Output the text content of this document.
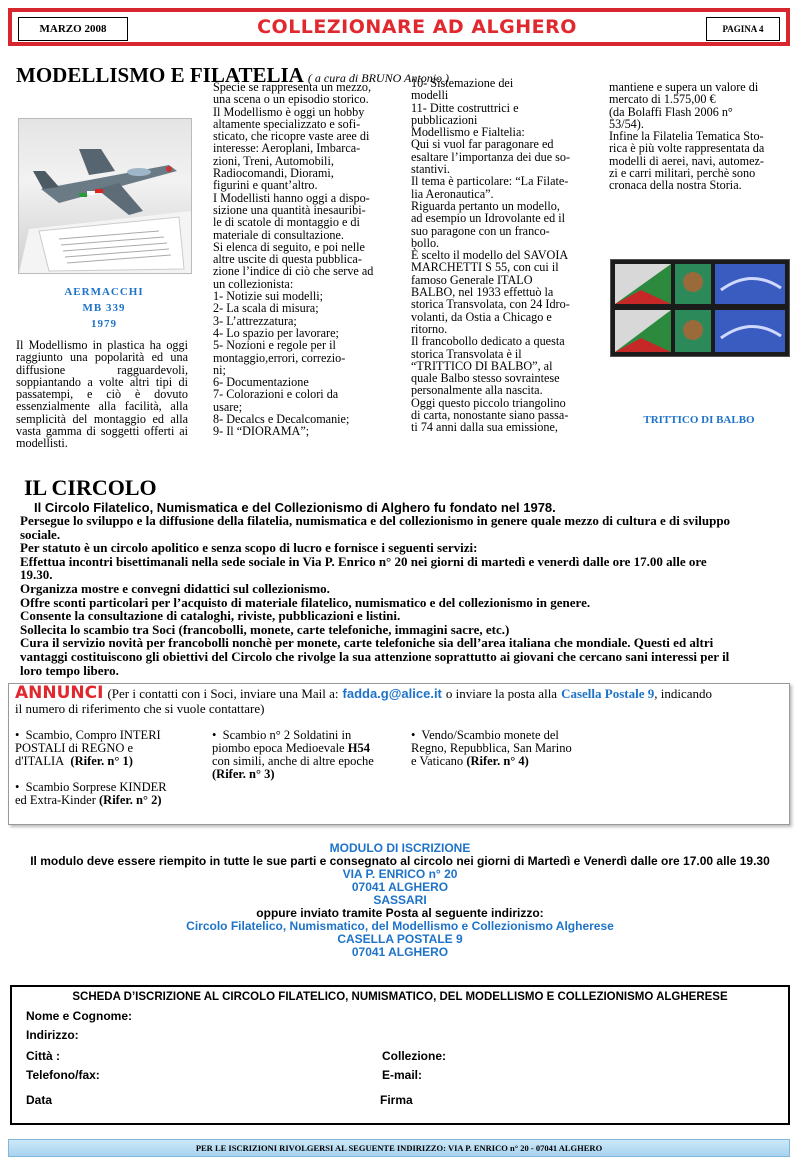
MARZO 2008	COLLEZIONARE AD ALGHERO	PAGINA 4
MODELLISMO E FILATELIA ( a cura di BRUNO Antonio )
AERMACCHI
MB 339
1979

Il Modellismo in plastica ha oggi raggiunto una popolarità ed una diffusione ragguardevoli, soppiantando a volte altri tipi di passatempi, e ciò è dovuto essenzialmente alla facilità, alla semplicità del montaggio ed alla vasta gamma di soggetti offerti ai modellisti.

Specie se rappresenta un mezzo,
una scena o un episodio storico.
Il Modellismo è oggi un hobby
altamente specializzato e sofi-
sticato, che ricopre vaste aree di
interesse: Aeroplani, Imbarca-
zioni, Treni, Automobili,
Radiocomandi, Diorami,
figurini e quant’altro.
I Modellisti hanno oggi a dispo-
sizione una quantità inesauribi-
le di scatole di montaggio e di
materiale di consultazione.
Si elenca di seguito, e poi nelle
altre uscite di questa pubblica-
zione l’indice di ciò che serve ad
un collezionista:
1- Notizie sui modelli;
2- La scala di misura;
3- L’attrezzatura;
4- Lo spazio per lavorare;
5- Nozioni e regole per il
montaggio,errori, correzio-
ni;
6- Documentazione
7- Colorazioni e colori da
usare;
8- Decalcs e Decalcomanie;
9- Il “DIORAMA”;
10- Sistemazione dei
modelli
11- Ditte costruttrici e
pubblicazioni
Modellismo e Fialtelia:
Qui si vuol far paragonare ed
esaltare l’importanza dei due so-
stantivi.
Il tema è particolare: “La Filate-
lia Aeronautica”.
Riguarda pertanto un modello,
ad esempio un Idrovolante ed il
suo paragone con un franco-
bollo.
È scelto il modello del SAVOIA
MARCHETTI S 55, con cui il
famoso Generale ITALO
BALBO, nel 1933 effettuò la
storica Transvolata, con 24 Idro-
volanti, da Ostia a Chicago e
ritorno.
Il francobollo dedicato a questa
storica Transvolata è il
“TRITTICO DI BALBO”, al
quale Balbo stesso sovraintese
personalmente alla nascita.
Oggi questo piccolo triangolino
di carta, nonostante siano passa-
ti 74 anni dalla sua emissione,
mantiene e supera un valore di
mercato di 1.575,00 €
(da Bolaffi Flash 2006 n°
53/54).
Infine la Filatelia Tematica Sto-
rica è più volte rappresentata da
modelli di aerei, navi, automez-
zi e carri militari, perchè sono
cronaca della nostra Storia.
TRITTICO DI BALBO
IL CIRCOLO
Il Circolo Filatelico, Numismatica e del Collezionismo di Alghero fu fondato nel 1978.
Persegue lo sviluppo e la diffusione della filatelia, numismatica e del collezionismo in genere quale mezzo di cultura e di sviluppo
sociale.
Per statuto è un circolo apolitico e senza scopo di lucro e fornisce i seguenti servizi:
Effettua incontri bisettimanali nella sede sociale in Via P. Enrico n° 20 nei giorni di martedì e venerdì dalle ore 17.00 alle ore
19.30.
Organizza mostre e convegni didattici sul collezionismo.
Offre sconti particolari per l’acquisto di materiale filatelico, numismatico e del collezionismo in genere.
Consente la consultazione di cataloghi, riviste, pubblicazioni e listini.
Sollecita lo scambio tra Soci (francobolli, monete, carte telefoniche, immagini sacre, etc.)
Cura il servizio novità per francobolli nonchè per monete, carte telefoniche sia dell’area italiana che mondiale. Questi ed altri
vantaggi costituiscono gli obiettivi del Circolo che rivolge la sua attenzione soprattutto ai giovani che cercano sani interessi per il
loro tempo libero.
ANNUNCI (Per i contatti con i Soci, inviare una Mail a: fadda.g@alice.it o inviare la posta alla Casella Postale 9, indicando
il numero di riferimento che si vuole contattare)
• Scambio, Compro INTERI
POSTALI di REGNO e
d'ITALIA (Rifer. n° 1)
• Scambio Sorprese KINDER
ed Extra-Kinder (Rifer. n° 2)
• Scambio n° 2 Soldatini in
piombo epoca Medioevale H54
con simili, anche di altre epoche
(Rifer. n° 3)
• Vendo/Scambio monete del
Regno, Repubblica, San Marino
e Vaticano (Rifer. n° 4)
MODULO DI ISCRIZIONE
Il modulo deve essere riempito in tutte le sue parti e consegnato al circolo nei giorni di Martedì e Venerdì dalle ore 17.00 alle 19.30
VIA P. ENRICO n° 20
07041 ALGHERO
SASSARI
oppure inviato tramite Posta al seguente indirizzo:
Circolo Filatelico, Numismatico, del Modellismo e Collezionismo Algherese
CASELLA POSTALE 9
07041 ALGHERO
SCHEDA D’ISCRIZIONE AL CIRCOLO FILATELICO, NUMISMATICO, DEL MODELLISMO E COLLEZIONISMO ALGHERESE
Nome e Cognome:
Indirizzo:
Città :	Collezione:
Telefono/fax:	E-mail:
Data	Firma
PER LE ISCRIZIONI RIVOLGERSI AL SEGUENTE INDIRIZZO: VIA P. ENRICO n° 20 - 07041 ALGHERO
